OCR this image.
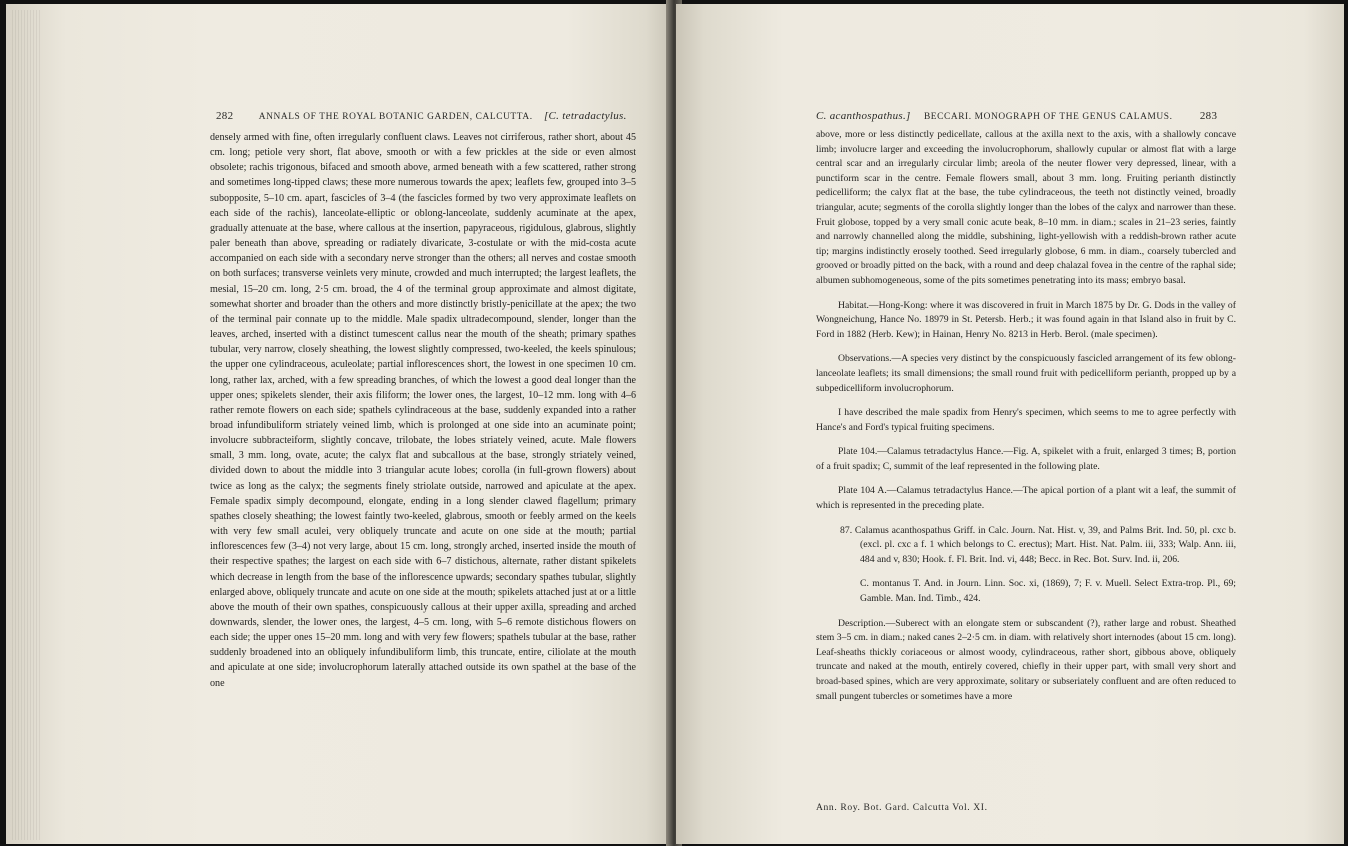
282	ANNALS OF THE ROYAL BOTANIC GARDEN, CALCUTTA. [C. tetradactylus.

densely armed with fine, often irregularly confluent claws. Leaves not cirriferous, rather short, about 45 cm. long; petiole very short, flat above, smooth or with a few prickles at the side or even almost obsolete; rachis trigonous, bifaced and smooth above, armed beneath with a few scattered, rather strong and sometimes long-tipped claws; these more numerous towards the apex; leaflets few, grouped into 3–5 subopposite, 5–10 cm. apart, fascicles of 3–4 (the fascicles formed by two very approximate leaflets on each side of the rachis), lanceolate-elliptic or oblong-lanceolate, suddenly acuminate at the apex, gradually attenuate at the base, where callous at the insertion, papyraceous, rigidulous, glabrous, slightly paler beneath than above, spreading or radiately divaricate, 3-costulate or with the mid-costa acute accompanied on each side with a secondary nerve stronger than the others; all nerves and costae smooth on both surfaces; transverse veinlets very minute, crowded and much interrupted; the largest leaflets, the mesial, 15–20 cm. long, 2·5 cm. broad, the 4 of the terminal group approximate and almost digitate, somewhat shorter and broader than the others and more distinctly bristly-penicillate at the apex; the two of the terminal pair connate up to the middle. Male spadix ultradecompound, slender, longer than the leaves, arched, inserted with a distinct tumescent callus near the mouth of the sheath; primary spathes tubular, very narrow, closely sheathing, the lowest slightly compressed, two-keeled, the keels spinulous; the upper one cylindraceous, aculeolate; partial inflorescences short, the lowest in one specimen 10 cm. long, rather lax, arched, with a few spreading branches, of which the lowest a good deal longer than the upper ones; spikelets slender, their axis filiform; the lower ones, the largest, 10–12 mm. long with 4–6 rather remote flowers on each side; spathels cylindraceous at the base, suddenly expanded into a rather broad infundibuliform striately veined limb, which is prolonged at one side into an acuminate point; involucre subbracteiform, slightly concave, trilobate, the lobes striately veined, acute. Male flowers small, 3 mm. long, ovate, acute; the calyx flat and subcallous at the base, strongly striately veined, divided down to about the middle into 3 triangular acute lobes; corolla (in full-grown flowers) about twice as long as the calyx; the segments finely striolate outside, narrowed and apiculate at the apex. Female spadix simply decompound, elongate, ending in a long slender clawed flagellum; primary spathes closely sheathing; the lowest faintly two-keeled, glabrous, smooth or feebly armed on the keels with very few small aculei, very obliquely truncate and acute on one side at the mouth; partial inflorescences few (3–4) not very large, about 15 cm. long, strongly arched, inserted inside the mouth of their respective spathes; the largest on each side with 6–7 distichous, alternate, rather distant spikelets which decrease in length from the base of the inflorescence upwards; secondary spathes tubular, slightly enlarged above, obliquely truncate and acute on one side at the mouth; spikelets attached just at or a little above the mouth of their own spathes, conspicuously callous at their upper axilla, spreading and arched downwards, slender, the lower ones, the largest, 4–5 cm. long, with 5–6 remote distichous flowers on each side; the upper ones 15–20 mm. long and with very few flowers; spathels tubular at the base, rather suddenly broadened into an obliquely infundibuliform limb, this truncate, entire, ciliolate at the mouth and apiculate at one side; involucrophorum laterally attached outside its own spathel at the base of the one

C. acanthospathus.] BECCARI. MONOGRAPH OF THE GENUS CALAMUS. 283

above, more or less distinctly pedicellate, callous at the axilla next to the axis, with a shallowly concave limb; involucre larger and exceeding the involucrophorum, shallowly cupular or almost flat with a large central scar and an irregularly circular limb; areola of the neuter flower very depressed, linear, with a punctiform scar in the centre. Female flowers small, about 3 mm. long. Fruiting perianth distinctly pedicelliform; the calyx flat at the base, the tube cylindraceous, the teeth not distinctly veined, broadly triangular, acute; segments of the corolla slightly longer than the lobes of the calyx and narrower than these. Fruit globose, topped by a very small conic acute beak, 8–10 mm. in diam.; scales in 21–23 series, faintly and narrowly channelled along the middle, subshining, light-yellowish with a reddish-brown rather acute tip; margins indistinctly erosely toothed. Seed irregularly globose, 6 mm. in diam., coarsely tubercled and grooved or broadly pitted on the back, with a round and deep chalazal fovea in the centre of the raphal side; albumen subhomogeneous, some of the pits sometimes penetrating into its mass; embryo basal.

Habitat.—Hong-Kong: where it was discovered in fruit in March 1875 by Dr. G. Dods in the valley of Wongneichung, Hance No. 18979 in St. Petersb. Herb.; it was found again in that Island also in fruit by C. Ford in 1882 (Herb. Kew); in Hainan, Henry No. 8213 in Herb. Berol. (male specimen).

Observations.—A species very distinct by the conspicuously fascicled arrangement of its few oblong-lanceolate leaflets; its small dimensions; the small round fruit with pedicelliform perianth, propped up by a subpedicelliform involucrophorum.

I have described the male spadix from Henry's specimen, which seems to me to agree perfectly with Hance's and Ford's typical fruiting specimens.

Plate 104.—Calamus tetradactylus Hance.—Fig. A, spikelet with a fruit, enlarged 3 times; B, portion of a fruit spadix; C, summit of the leaf represented in the following plate.

Plate 104 A.—Calamus tetradactylus Hance.—The apical portion of a plant wit a leaf, the summit of which is represented in the preceding plate.

87. Calamus acanthospathus Griff. in Calc. Journ. Nat. Hist. v, 39, and Palms Brit. Ind. 50, pl. cxc b. (excl. pl. cxc a f. 1 which belongs to C. erectus); Mart. Hist. Nat. Palm. iii, 333; Walp. Ann. iii, 484 and v, 830; Hook. f. Fl. Brit. Ind. vi, 448; Becc. in Rec. Bot. Surv. Ind. ii, 206.

C. montanus T. And. in Journ. Linn. Soc. xi, (1869), 7; F. v. Muell. Select Extra-trop. Pl., 69; Gamble. Man. Ind. Timb., 424.

Description.—Suberect with an elongate stem or subscandent (?), rather large and robust. Sheathed stem 3–5 cm. in diam.; naked canes 2–2·5 cm. in diam. with relatively short internodes (about 15 cm. long). Leaf-sheaths thickly coriaceous or almost woody, cylindraceous, rather short, gibbous above, obliquely truncate and naked at the mouth, entirely covered, chiefly in their upper part, with small very short and broad-based spines, which are very approximate, solitary or subseriately confluent and are often reduced to small pungent tubercles or sometimes have a more

Ann. Roy. Bot. Gard. Calcutta Vol. XI.
